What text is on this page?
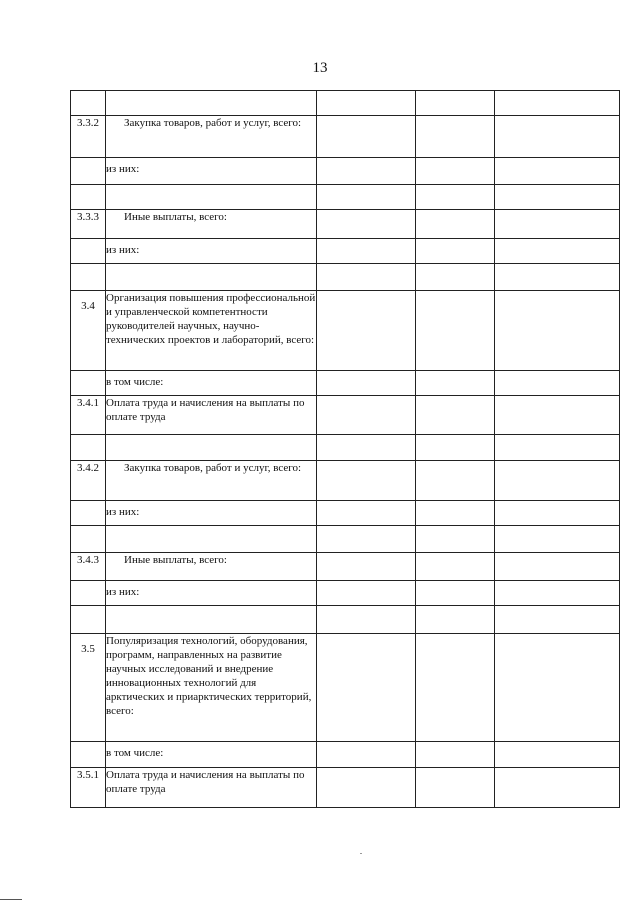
13

3.3.2	Закупка товаров, работ и услуг, всего:			
	из них:			

3.3.3	Иные выплаты, всего:			
	из них:			

3.4	Организация повышения профессиональной и управленческой компетентности руководителей научных, научно-технических проектов и лабораторий, всего:			
	в том числе:			
3.4.1	Оплата труда и начисления на выплаты по оплате труда			

3.4.2	Закупка товаров, работ и услуг, всего:			
	из них:			

3.4.3	Иные выплаты, всего:			
	из них:			

3.5	Популяризация технологий, оборудования, программ, направленных на развитие научных исследований и внедрение инновационных технологий для арктических и приарктических территорий, всего:			
	в том числе:			
3.5.1	Оплата труда и начисления на выплаты по оплате труда			
